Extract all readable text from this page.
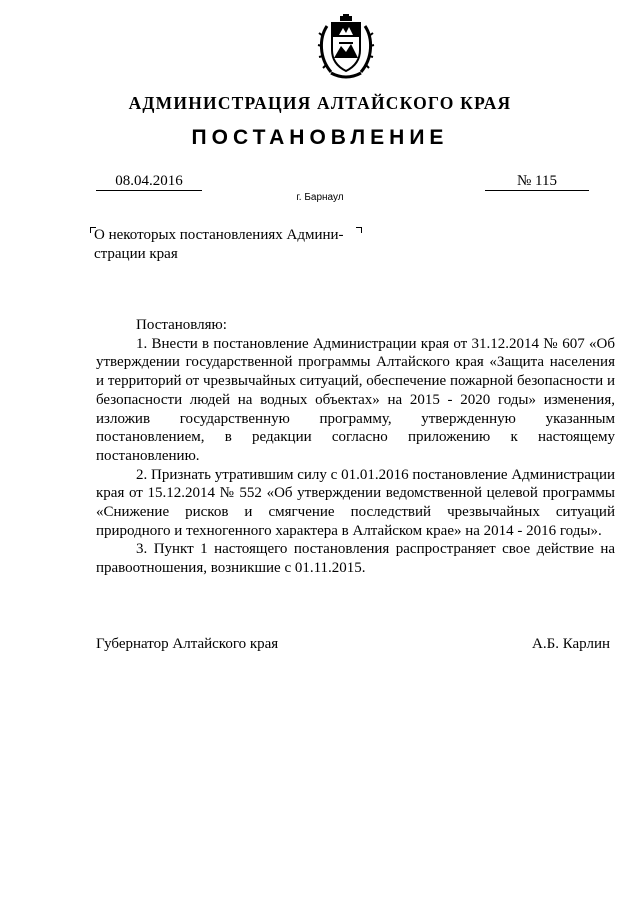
АДМИНИСТРАЦИЯ АЛТАЙСКОГО КРАЯ
ПОСТАНОВЛЕНИЕ
08.04.2016	№ 115
г. Барнаул
О некоторых постановлениях Админи-
страции края

Постановляю:

1. Внести в постановление Администрации края от 31.12.2014 № 607 «Об утверждении государственной программы Алтайского края «Защита населения и территорий от чрезвычайных ситуаций, обеспечение пожарной безопасности и безопасности людей на водных объектах» на 2015 - 2020 годы» изменения, изложив государственную программу, утвержденную указанным постановлением, в редакции согласно приложению к настоящему постановлению.

2. Признать утратившим силу с 01.01.2016 постановление Администрации края от 15.12.2014 № 552 «Об утверждении ведомственной целевой программы «Снижение рисков и смягчение последствий чрезвычайных ситуаций природного и техногенного характера в Алтайском крае» на 2014 - 2016 годы».

3. Пункт 1 настоящего постановления распространяет свое действие на правоотношения, возникшие с 01.11.2015.

Губернатор Алтайского края	А.Б. Карлин
